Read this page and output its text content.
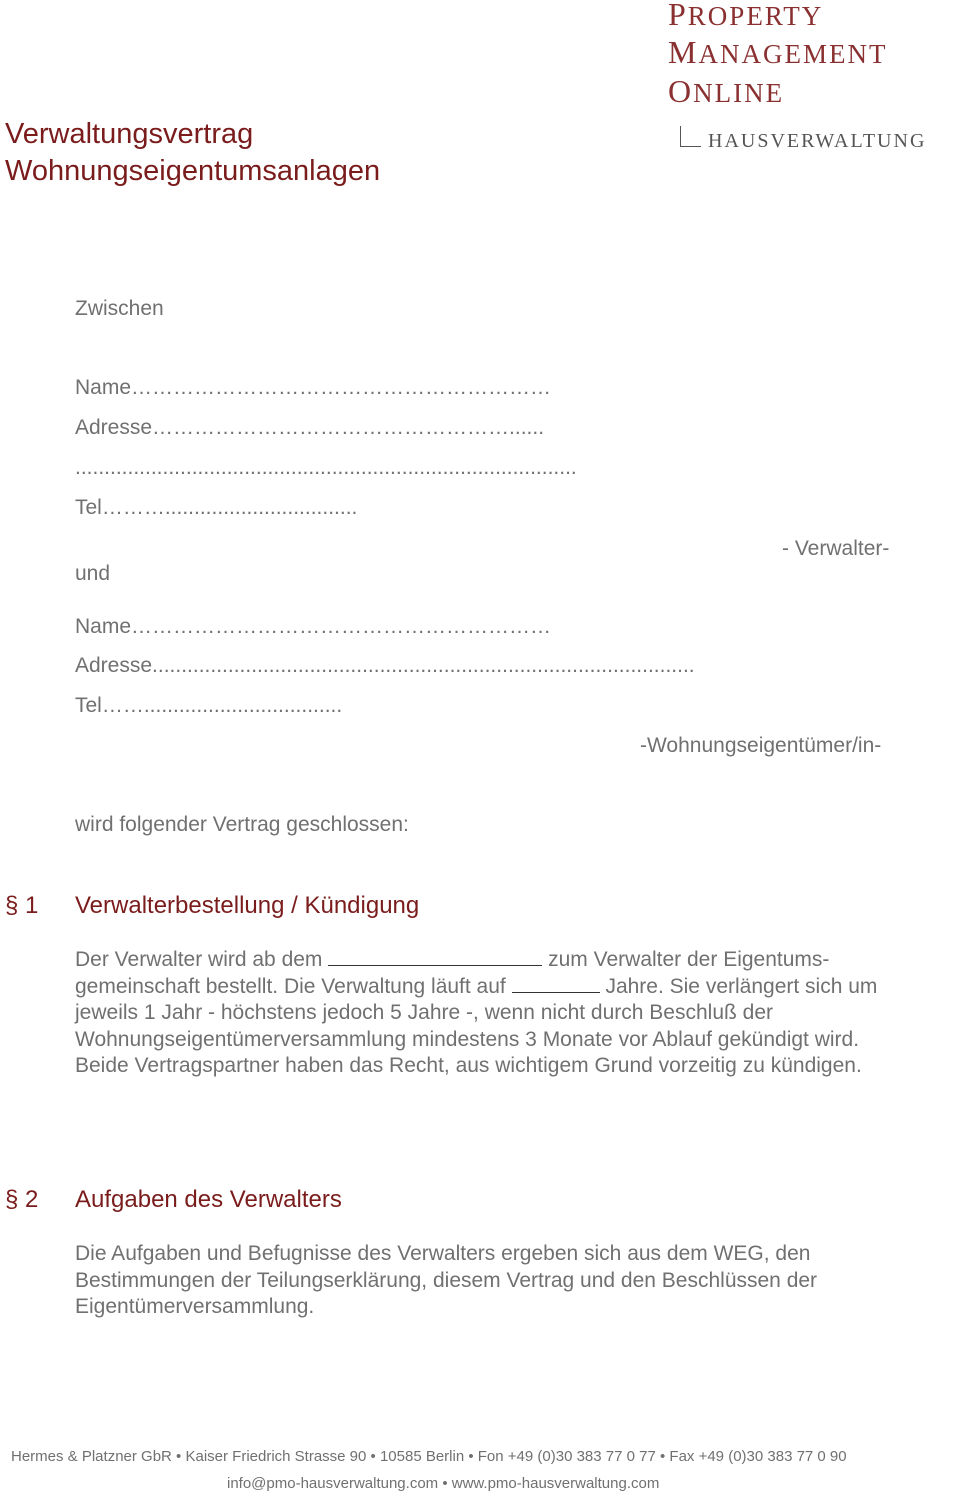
Verwaltungsvertrag
Wohnungseigentumsanlagen
PROPERTY
MANAGEMENT
ONLINE
HAUSVERWALTUNG
Zwischen
Name……………………………………………………
Adresse……………………………………………......
......................................................................................
Tel……….................................
- Verwalter-
und
Name……………………………………………………
Adresse.............................................................................................
Tel……..................................
-Wohnungseigentümer/in-
wird folgender Vertrag geschlossen:
§ 1 Verwalterbestellung / Kündigung
Der Verwalter wird ab dem	zum Verwalter der Eigentums-gemeinschaft bestellt. Die Verwaltung läuft auf	Jahre. Sie verlängert sich um jeweils 1 Jahr - höchstens jedoch 5 Jahre -, wenn nicht durch Beschluß der Wohnungseigentümerversammlung mindestens 3 Monate vor Ablauf gekündigt wird.
Beide Vertragspartner haben das Recht, aus wichtigem Grund vorzeitig zu kündigen.
§ 2 Aufgaben des Verwalters
Die Aufgaben und Befugnisse des Verwalters ergeben sich aus dem WEG, den Bestimmungen der Teilungserklärung, diesem Vertrag und den Beschlüssen der Eigentümerversammlung.
Hermes & Platzner GbR • Kaiser Friedrich Strasse 90 • 10585 Berlin • Fon +49 (0)30 383 77 0 77 • Fax +49 (0)30 383 77 0 90
info@pmo-hausverwaltung.com • www.pmo-hausverwaltung.com
